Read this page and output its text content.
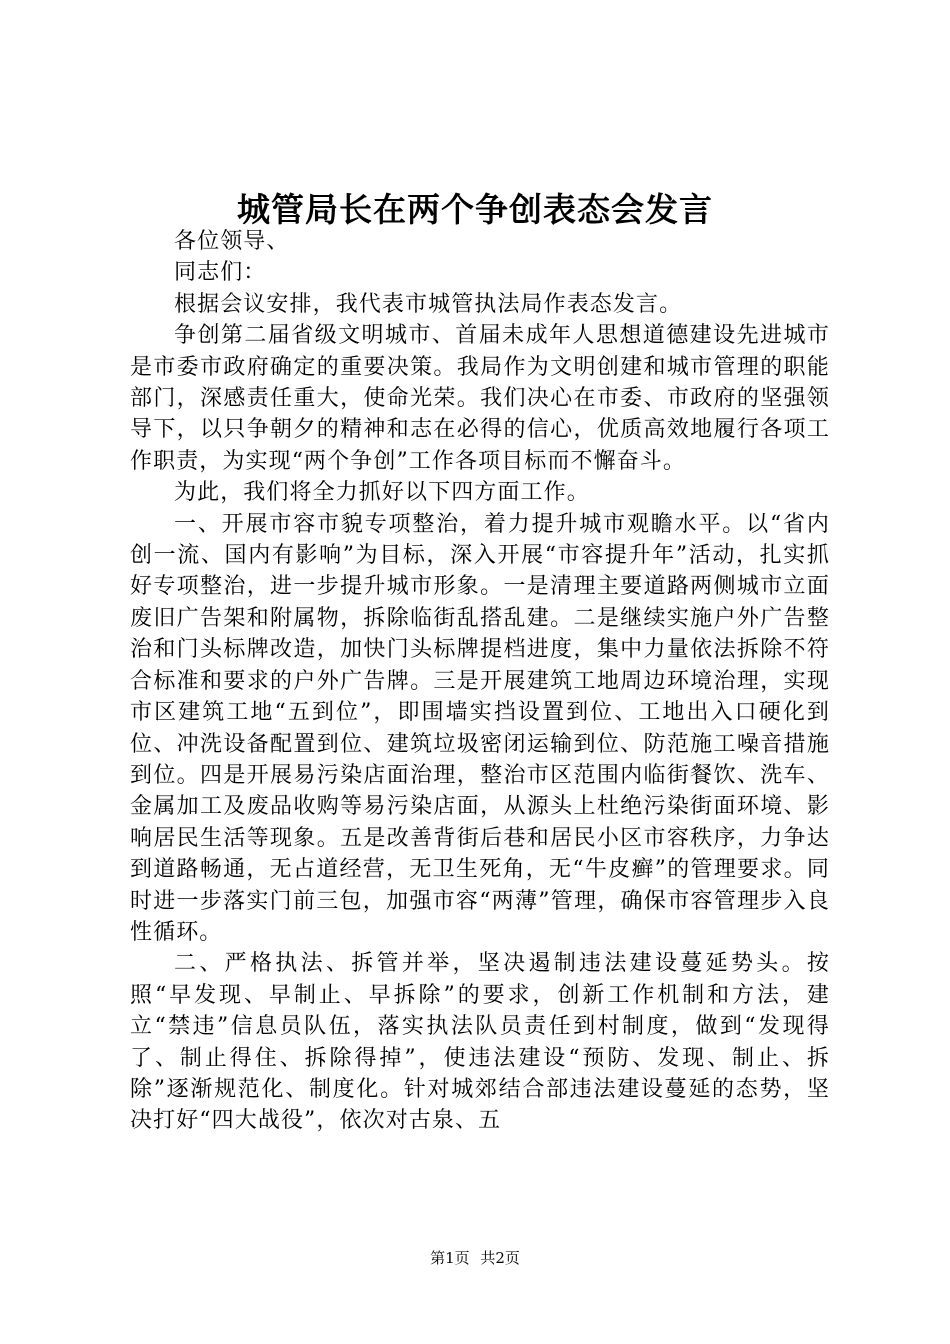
城管局长在两个争创表态会发言

各位领导、

同志们：

根据会议安排，我代表市城管执法局作表态发言。

争创第二届省级文明城市、首届未成年人思想道德建设先进城市是市委市政府确定的重要决策。我局作为文明创建和城市管理的职能部门，深感责任重大，使命光荣。我们决心在市委、市政府的坚强领导下，以只争朝夕的精神和志在必得的信心，优质高效地履行各项工作职责，为实现“两个争创”工作各项目标而不懈奋斗。

为此，我们将全力抓好以下四方面工作。

一、开展市容市貌专项整治，着力提升城市观瞻水平。以“省内创一流、国内有影响”为目标，深入开展“市容提升年”活动，扎实抓好专项整治，进一步提升城市形象。一是清理主要道路两侧城市立面废旧广告架和附属物，拆除临街乱搭乱建。二是继续实施户外广告整治和门头标牌改造，加快门头标牌提档进度，集中力量依法拆除不符合标准和要求的户外广告牌。三是开展建筑工地周边环境治理，实现市区建筑工地“五到位”，即围墙实挡设置到位、工地出入口硬化到位、冲洗设备配置到位、建筑垃圾密闭运输到位、防范施工噪音措施到位。四是开展易污染店面治理，整治市区范围内临街餐饮、洗车、金属加工及废品收购等易污染店面，从源头上杜绝污染街面环境、影响居民生活等现象。五是改善背街后巷和居民小区市容秩序，力争达到道路畅通，无占道经营，无卫生死角，无“牛皮癣”的管理要求。同时进一步落实门前三包，加强市容“两薄”管理，确保市容管理步入良性循环。

二、严格执法、拆管并举，坚决遏制违法建设蔓延势头。按照“早发现、早制止、早拆除”的要求，创新工作机制和方法，建立“禁违”信息员队伍，落实执法队员责任到村制度，做到“发现得了、制止得住、拆除得掉”，使违法建设“预防、发现、制止、拆除”逐渐规范化、制度化。针对城郊结合部违法建设蔓延的态势，坚决打好“四大战役”，依次对古泉、五

第1页 共2页
